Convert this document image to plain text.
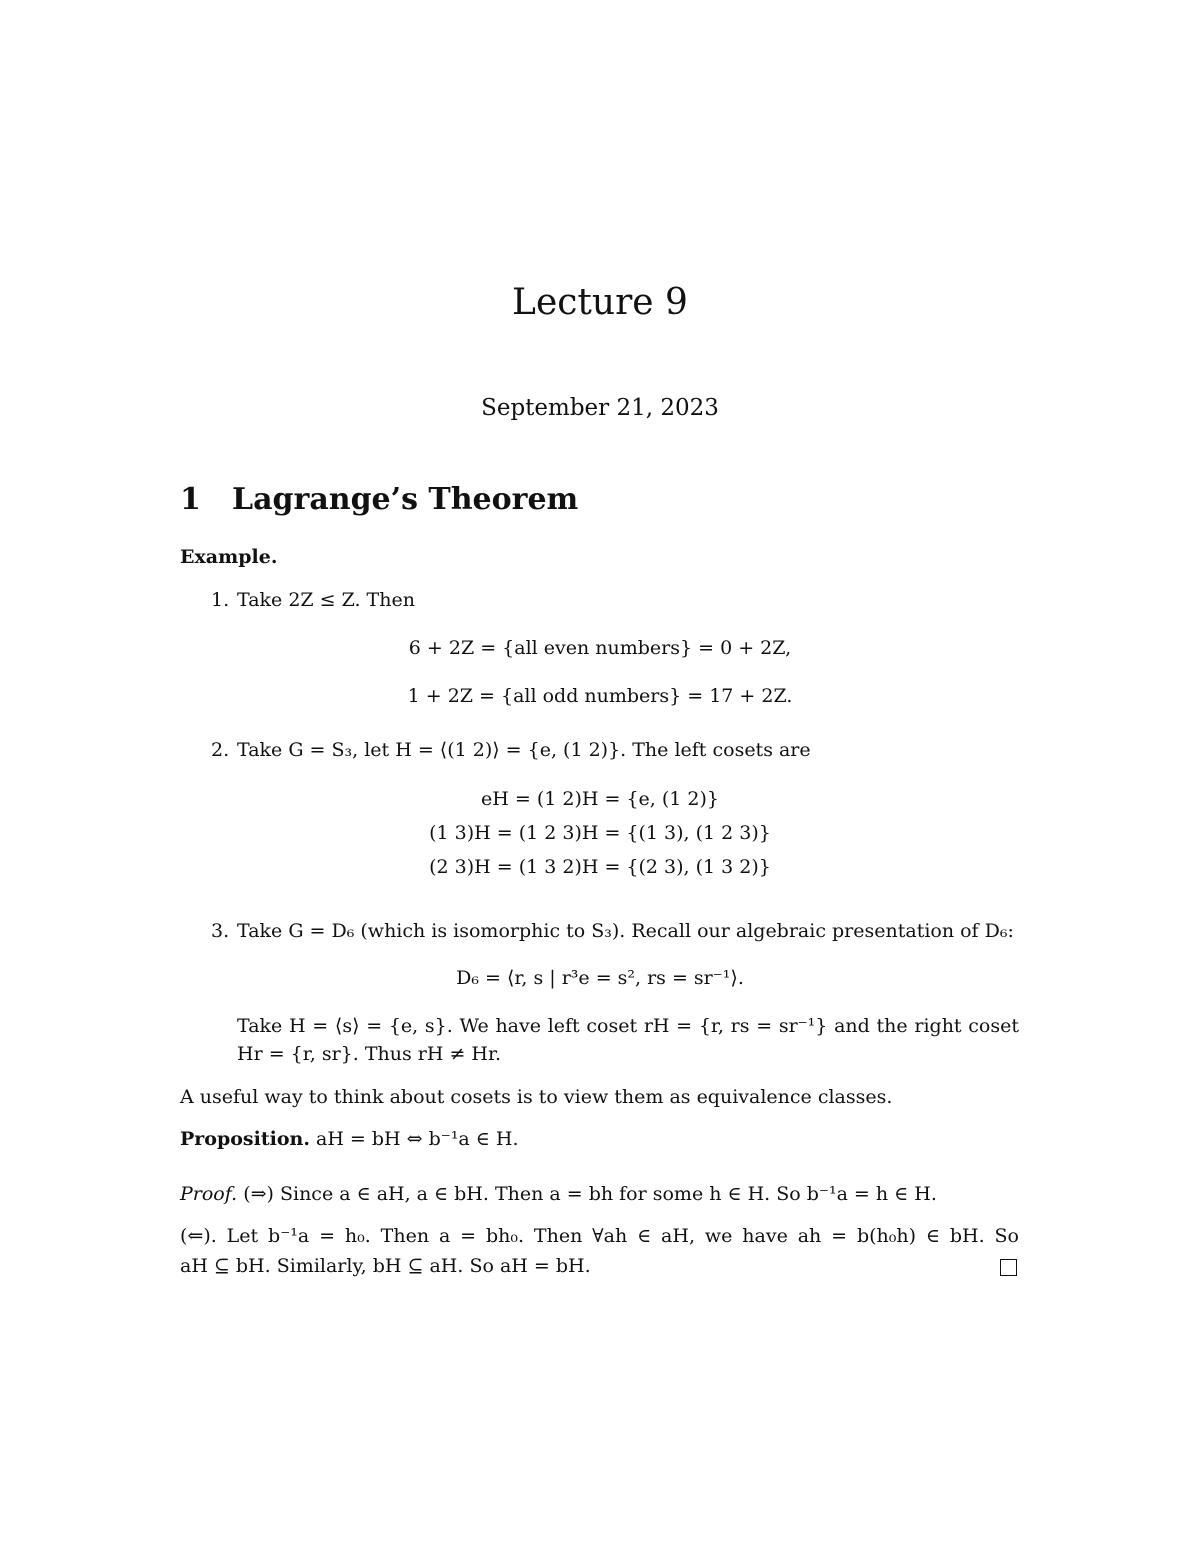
Lecture 9
September 21, 2023
1 Lagrange’s Theorem
Example.
1. Take 2Z ≤ Z. Then
6 + 2Z = {all even numbers} = 0 + 2Z,
1 + 2Z = {all odd numbers} = 17 + 2Z.
2. Take G = S₃, let H = ⟨(1 2)⟩ = {e, (1 2)}. The left cosets are
eH = (1 2)H = {e, (1 2)}
(1 3)H = (1 2 3)H = {(1 3), (1 2 3)}
(2 3)H = (1 3 2)H = {(2 3), (1 3 2)}
3. Take G = D₆ (which is isomorphic to S₃). Recall our algebraic presentation of D₆:
D₆ = ⟨r, s | r³e = s², rs = sr⁻¹⟩.
Take H = ⟨s⟩ = {e, s}. We have left coset rH = {r, rs = sr⁻¹} and the right coset
Hr = {r, sr}. Thus rH ≠ Hr.
A useful way to think about cosets is to view them as equivalence classes.
Proposition. aH = bH ⇔ b⁻¹a ∈ H.
Proof. (⇒) Since a ∈ aH, a ∈ bH. Then a = bh for some h ∈ H. So b⁻¹a = h ∈ H.
(⇐). Let b⁻¹a = h₀. Then a = bh₀. Then ∀ah ∈ aH, we have ah = b(h₀h) ∈ bH. So
aH ⊆ bH. Similarly, bH ⊆ aH. So aH = bH.
